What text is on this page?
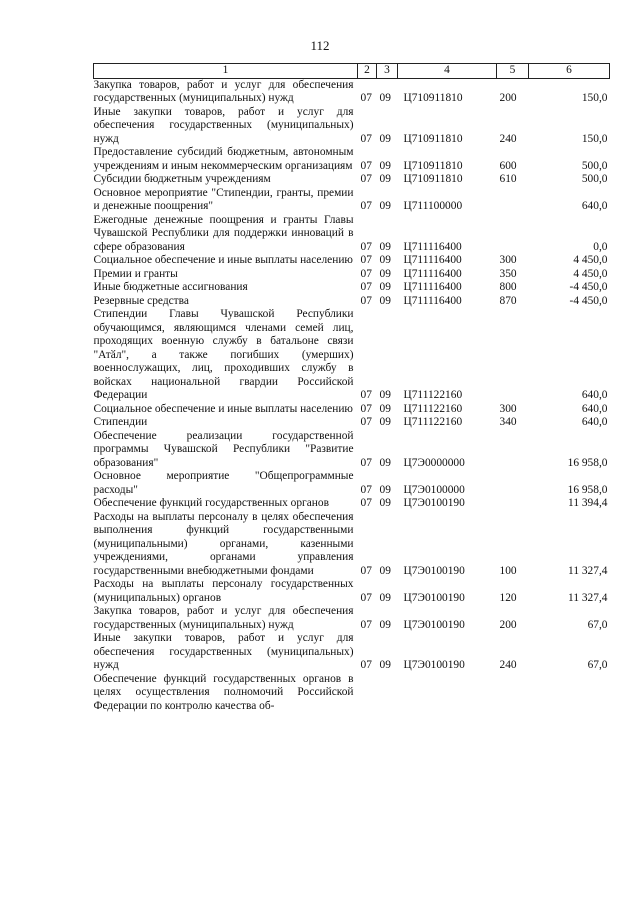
112
1	2	3	4	5	6
Закупка товаров, работ и услуг для обеспечения государственных (муниципальных) нужд	07	09	Ц710911810	200	150,0
Иные закупки товаров, работ и услуг для обеспечения государственных (муниципальных) нужд	07	09	Ц710911810	240	150,0
Предоставление субсидий бюджетным, автономным учреждениям и иным некоммерческим организациям	07	09	Ц710911810	600	500,0
Субсидии бюджетным учреждениям	07	09	Ц710911810	610	500,0
Основное мероприятие "Стипендии, гранты, премии и денежные поощрения"	07	09	Ц711100000		640,0
Ежегодные денежные поощрения и гранты Главы Чувашской Республики для поддержки инноваций в сфере образования	07	09	Ц711116400		0,0
Социальное обеспечение и иные выплаты населению	07	09	Ц711116400	300	4 450,0
Премии и гранты	07	09	Ц711116400	350	4 450,0
Иные бюджетные ассигнования	07	09	Ц711116400	800	-4 450,0
Резервные средства	07	09	Ц711116400	870	-4 450,0
Стипендии Главы Чувашской Республики обучающимся, являющимся членами семей лиц, проходящих военную службу в батальоне связи "Атӑл", а также погибших (умерших) военнослужащих, лиц, проходивших службу в войсках национальной гвардии Российской Федерации	07	09	Ц711122160		640,0
Социальное обеспечение и иные выплаты населению	07	09	Ц711122160	300	640,0
Стипендии	07	09	Ц711122160	340	640,0
Обеспечение реализации государственной программы Чувашской Республики "Развитие образования"	07	09	Ц7Э0000000		16 958,0
Основное мероприятие "Общепрограммные расходы"	07	09	Ц7Э0100000		16 958,0
Обеспечение функций государственных органов	07	09	Ц7Э0100190		11 394,4
Расходы на выплаты персоналу в целях обеспечения выполнения функций государственными (муниципальными) органами, казенными учреждениями, органами управления государственными внебюджетными фондами	07	09	Ц7Э0100190	100	11 327,4
Расходы на выплаты персоналу государственных (муниципальных) органов	07	09	Ц7Э0100190	120	11 327,4
Закупка товаров, работ и услуг для обеспечения государственных (муниципальных) нужд	07	09	Ц7Э0100190	200	67,0
Иные закупки товаров, работ и услуг для обеспечения государственных (муниципальных) нужд	07	09	Ц7Э0100190	240	67,0
Обеспечение функций государственных органов в целях осуществления полномочий Российской Федерации по контролю качества об-					
